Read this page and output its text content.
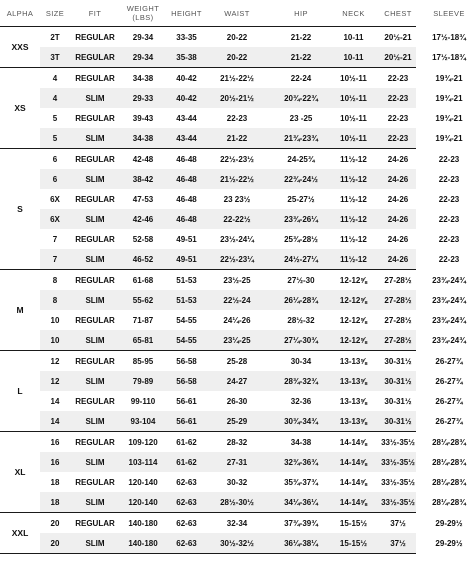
ALPHA	SIZE	FIT	WEIGHT
(LBS)	HEIGHT	WAIST	HIP	NECK	CHEST	SLEEVE
XXS
2T	REGULAR	29-34	33-35	20-22	21-22	10-11	20½-21	17½-18¾
3T	REGULAR	29-34	35-38	20-22	21-22	10-11	20½-21	17½-18¾
XS
4	REGULAR	34-38	40-42	21½-22½	22-24	10½-11	22-23	19¾-21
4	SLIM	29-33	40-42	20½-21½	20¾-22¾	10½-11	22-23	19¾-21
5	REGULAR	39-43	43-44	22-23	23 -25	10½-11	22-23	19¾-21
5	SLIM	34-38	43-44	21-22	21¾-23¾	10½-11	22-23	19¾-21
S
6	REGULAR	42-48	46-48	22½-23½	24-25¾	11½-12	24-26	22-23
6	SLIM	38-42	46-48	21½-22½	22¾-24½	11½-12	24-26	22-23
6X	REGULAR	47-53	46-48	23 23½	25-27½	11½-12	24-26	22-23
6X	SLIM	42-46	46-48	22-22½	23¾-26¼	11½-12	24-26	22-23
7	REGULAR	52-58	49-51	23½-24¼	25¾-28½	11½-12	24-26	22-23
7	SLIM	46-52	49-51	22½-23¼	24½-27¼	11½-12	24-26	22-23
M
8	REGULAR	61-68	51-53	23½-25	27½-30	12-12⅝	27-28½	23¾-24¾
8	SLIM	55-62	51-53	22½-24	26¼-28¾	12-12⅝	27-28½	23¾-24¾
10	REGULAR	71-87	54-55	24¼-26	28½-32	12-12⅝	27-28½	23¾-24¾
10	SLIM	65-81	54-55	23¼-25	27¼-30¾	12-12⅝	27-28½	23¾-24¾
L
12	REGULAR	85-95	56-58	25-28	30-34	13-13⅝	30-31½	26-27¾
12	SLIM	79-89	56-58	24-27	28¾-32¾	13-13⅝	30-31½	26-27¾
14	REGULAR	99-110	56-61	26-30	32-36	13-13⅝	30-31½	26-27¾
14	SLIM	93-104	56-61	25-29	30¾-34¾	13-13⅝	30-31½	26-27¾
XL
16	REGULAR	109-120	61-62	28-32	34-38	14-14⅝	33½-35½	28¼-28¾
16	SLIM	103-114	61-62	27-31	32¾-36¾	14-14⅝	33½-35½	28¼-28¾
18	REGULAR	120-140	62-63	30-32	35¾-37¾	14-14⅝	33½-35½	28¼-28¾
18	SLIM	120-140	62-63	28½-30½	34¼-36¼	14-14⅝	33½-35½	28¼-28¾
XXL
20	REGULAR	140-180	62-63	32-34	37¾-39¾	15-15½	37½	29-29½
20	SLIM	140-180	62-63	30½-32½	36¼-38¼	15-15½	37½	29-29½
